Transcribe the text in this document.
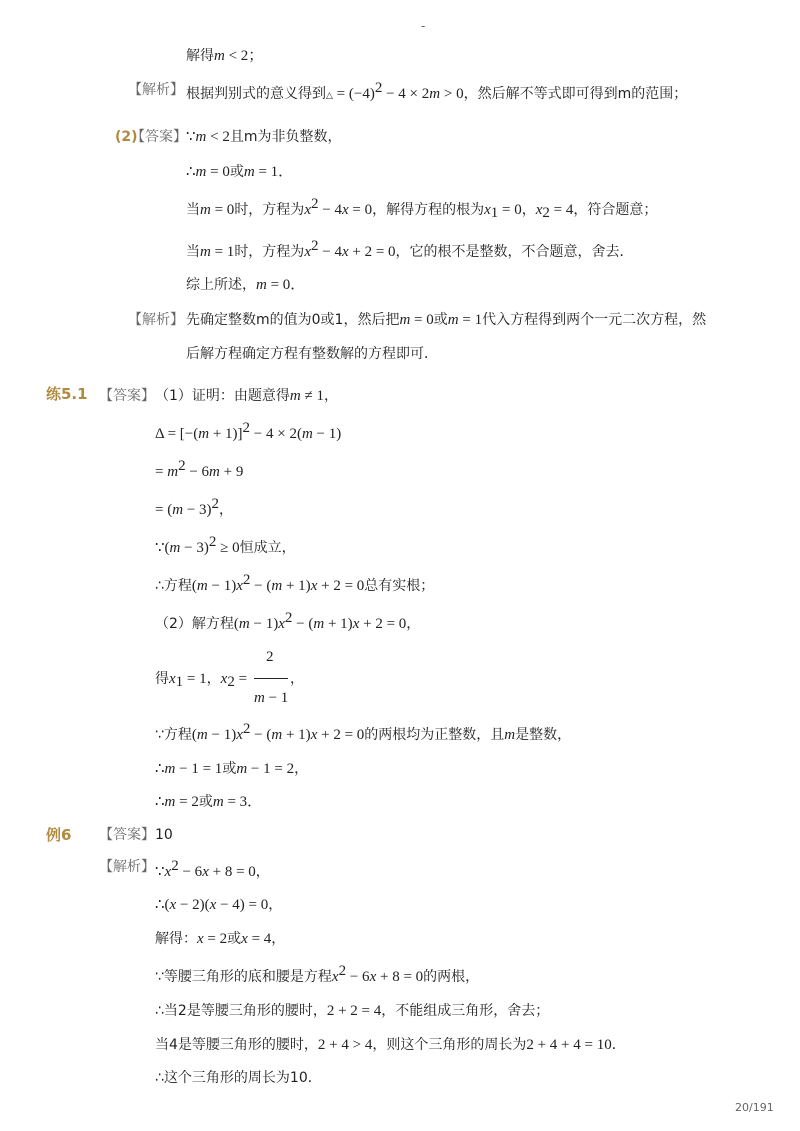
-
解得m < 2；
【解析】 根据判别式的意义得到△ = $(-4)^2 - 4 \times 2m > 0$，然后解不等式即可得到m的范围；
(2)
【答案】 ∵m < 2且m为非负整数，
∴m = 0或m = 1．
当m = 0时，方程为$x^2 - 4x = 0$，解得方程的根为$x_1 = 0$，$x_2 = 4$，符合题意；
当m = 1时，方程为$x^2 - 4x + 2 = 0$，它的根不是整数，不合题意，舍去．
综上所述，m = 0．
【解析】 先确定整数m的值为0或1，然后把m = 0或m = 1代入方程得到两个一元二次方程，然
后解方程确定方程有整数解的方程即可．
练5.1 【答案】 （1）证明：由题意得m ≠ 1，
$\Delta = [-(m + 1)]^2 - 4 \times 2(m - 1)$
= $m^2 - 6m + 9$
= $(m - 3)^2$，
∵(m − 3)$^2$ ≥ 0恒成立，
∴方程$(m - 1)x^2 - (m + 1)x + 2 = 0$总有实根；
（2）解方程$(m - 1)x^2 - (m + 1)x + 2 = 0$，
得$x_1 = 1$，$x_2$ =
2
m − 1
，
∵方程$(m - 1)x^2 - (m + 1)x + 2 = 0$的两根均为正整数，且m是整数，
∴m − 1 = 1或m − 1 = 2，
∴m = 2或m = 3．
例6 【答案】10
【解析】 $\because x^2 - 6x + 8 = 0$，
∴(x − 2)(x − 4) = 0，
解得：x = 2或x = 4，
∵等腰三角形的底和腰是方程$x^2 - 6x + 8 = 0$的两根，
∴当2是等腰三角形的腰时，2 + 2 = 4，不能组成三角形，舍去；
当4是等腰三角形的腰时，2 + 4 > 4，则这个三角形的周长为2 + 4 + 4 = 10．
∴这个三角形的周长为10．
20/191
